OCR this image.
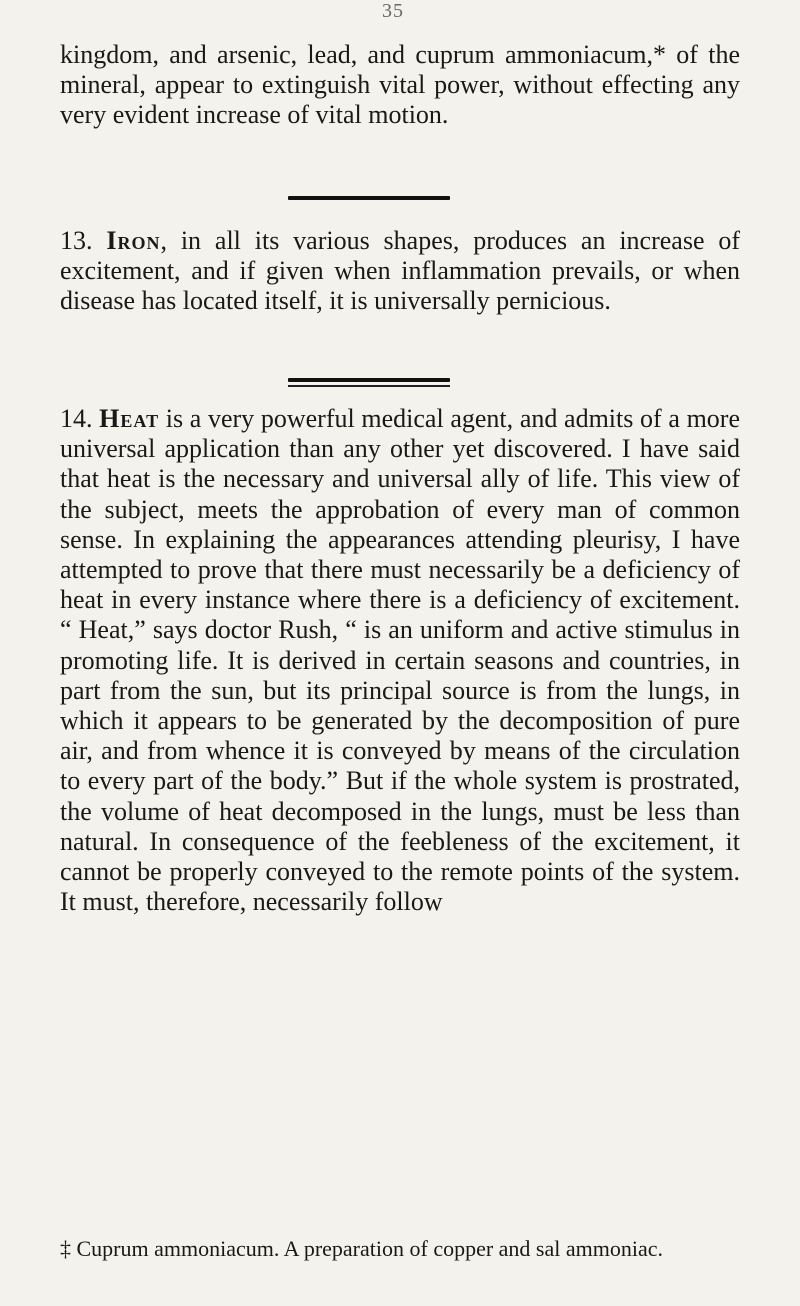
35

kingdom, and arsenic, lead, and cuprum ammoniacum,* of the mineral, appear to extinguish vital power, without effecting any very evident increase of vital motion.

13. Iron, in all its various shapes, produces an increase of excitement, and if given when inflammation prevails, or when disease has located itself, it is universally pernicious.

14. Heat is a very powerful medical agent, and admits of a more universal application than any other yet discovered. I have said that heat is the necessary and universal ally of life. This view of the subject, meets the approbation of every man of common sense. In explaining the appearances attending pleurisy, I have attempted to prove that there must necessarily be a deficiency of heat in every instance where there is a deficiency of excitement. “ Heat,” says doctor Rush, “ is an uniform and active stimulus in promoting life. It is derived in certain seasons and countries, in part from the sun, but its principal source is from the lungs, in which it appears to be generated by the decomposition of pure air, and from whence it is conveyed by means of the circulation to every part of the body.” But if the whole system is prostrated, the volume of heat decomposed in the lungs, must be less than natural. In consequence of the feebleness of the excitement, it cannot be properly conveyed to the remote points of the system. It must, therefore, necessarily follow

‡ Cuprum ammoniacum. A preparation of copper and sal ammoniac.
